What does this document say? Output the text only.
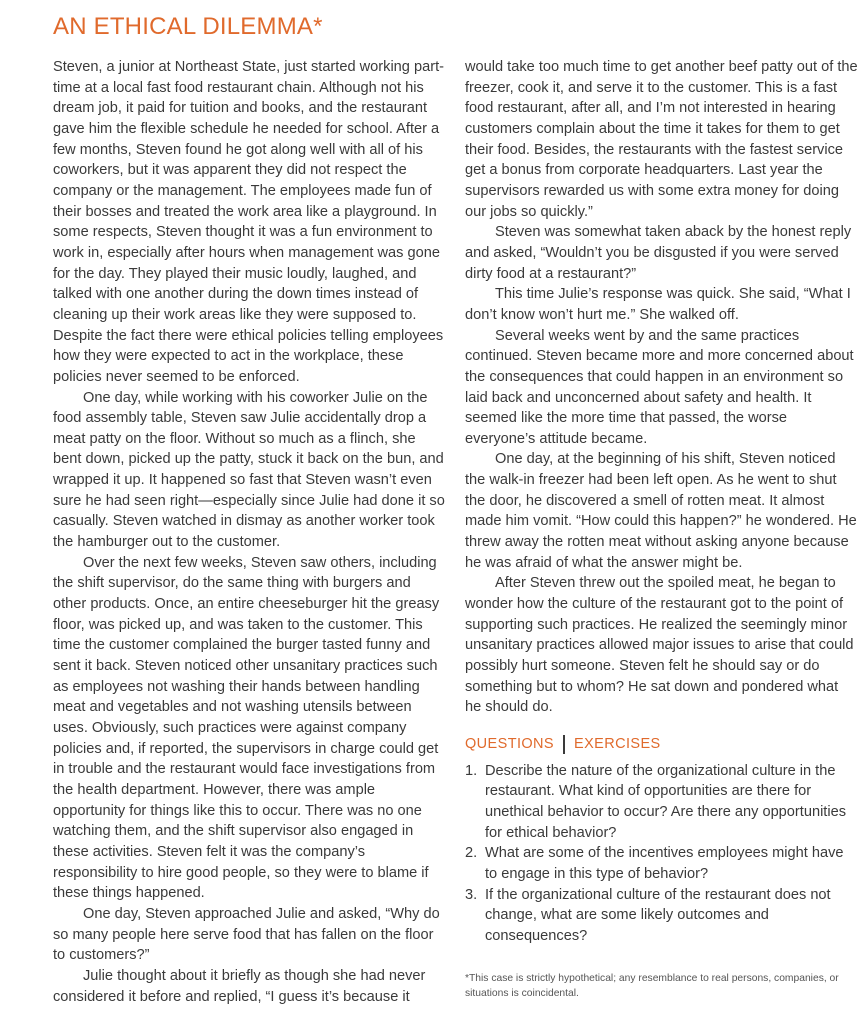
AN ETHICAL DILEMMA*

Steven, a junior at Northeast State, just started working part-time at a local fast food restaurant chain. Although not his dream job, it paid for tuition and books, and the restaurant gave him the flexible schedule he needed for school. After a few months, Steven found he got along well with all of his coworkers, but it was apparent they did not respect the company or the management. The employees made fun of their bosses and treated the work area like a playground. In some respects, Steven thought it was a fun environment to work in, especially after hours when management was gone for the day. They played their music loudly, laughed, and talked with one another during the down times instead of cleaning up their work areas like they were supposed to. Despite the fact there were ethical policies telling employees how they were expected to act in the workplace, these policies never seemed to be enforced.

One day, while working with his coworker Julie on the food assembly table, Steven saw Julie accidentally drop a meat patty on the floor. Without so much as a flinch, she bent down, picked up the patty, stuck it back on the bun, and wrapped it up. It happened so fast that Steven wasn’t even sure he had seen right—especially since Julie had done it so casually. Steven watched in dismay as another worker took the hamburger out to the customer.

Over the next few weeks, Steven saw others, including the shift supervisor, do the same thing with burgers and other products. Once, an entire cheeseburger hit the greasy floor, was picked up, and was taken to the customer. This time the customer complained the burger tasted funny and sent it back. Steven noticed other unsanitary practices such as employees not washing their hands between handling meat and vegetables and not washing utensils between uses. Obviously, such practices were against company policies and, if reported, the supervisors in charge could get in trouble and the restaurant would face investigations from the health department. However, there was ample opportunity for things like this to occur. There was no one watching them, and the shift supervisor also engaged in these activities. Steven felt it was the company’s responsibility to hire good people, so they were to blame if these things happened.

One day, Steven approached Julie and asked, “Why do so many people here serve food that has fallen on the floor to customers?”

Julie thought about it briefly as though she had never considered it before and replied, “I guess it’s because it

would take too much time to get another beef patty out of the freezer, cook it, and serve it to the customer. This is a fast food restaurant, after all, and I’m not interested in hearing customers complain about the time it takes for them to get their food. Besides, the restaurants with the fastest service get a bonus from corporate headquarters. Last year the supervisors rewarded us with some extra money for doing our jobs so quickly.”

Steven was somewhat taken aback by the honest reply and asked, “Wouldn’t you be disgusted if you were served dirty food at a restaurant?”

This time Julie’s response was quick. She said, “What I don’t know won’t hurt me.” She walked off.

Several weeks went by and the same practices continued. Steven became more and more concerned about the consequences that could happen in an environment so laid back and unconcerned about safety and health. It seemed like the more time that passed, the worse everyone’s attitude became.

One day, at the beginning of his shift, Steven noticed the walk-in freezer had been left open. As he went to shut the door, he discovered a smell of rotten meat. It almost made him vomit. “How could this happen?” he wondered. He threw away the rotten meat without asking anyone because he was afraid of what the answer might be.

After Steven threw out the spoiled meat, he began to wonder how the culture of the restaurant got to the point of supporting such practices. He realized the seemingly minor unsanitary practices allowed major issues to arise that could possibly hurt someone. Steven felt he should say or do something but to whom? He sat down and pondered what he should do.

QUESTIONS EXERCISES
1. Describe the nature of the organizational culture in the restaurant. What kind of opportunities are there for unethical behavior to occur? Are there any opportunities for ethical behavior?
2. What are some of the incentives employees might have to engage in this type of behavior?
3. If the organizational culture of the restaurant does not change, what are some likely outcomes and consequences?

*This case is strictly hypothetical; any resemblance to real persons, companies, or situations is coincidental.
